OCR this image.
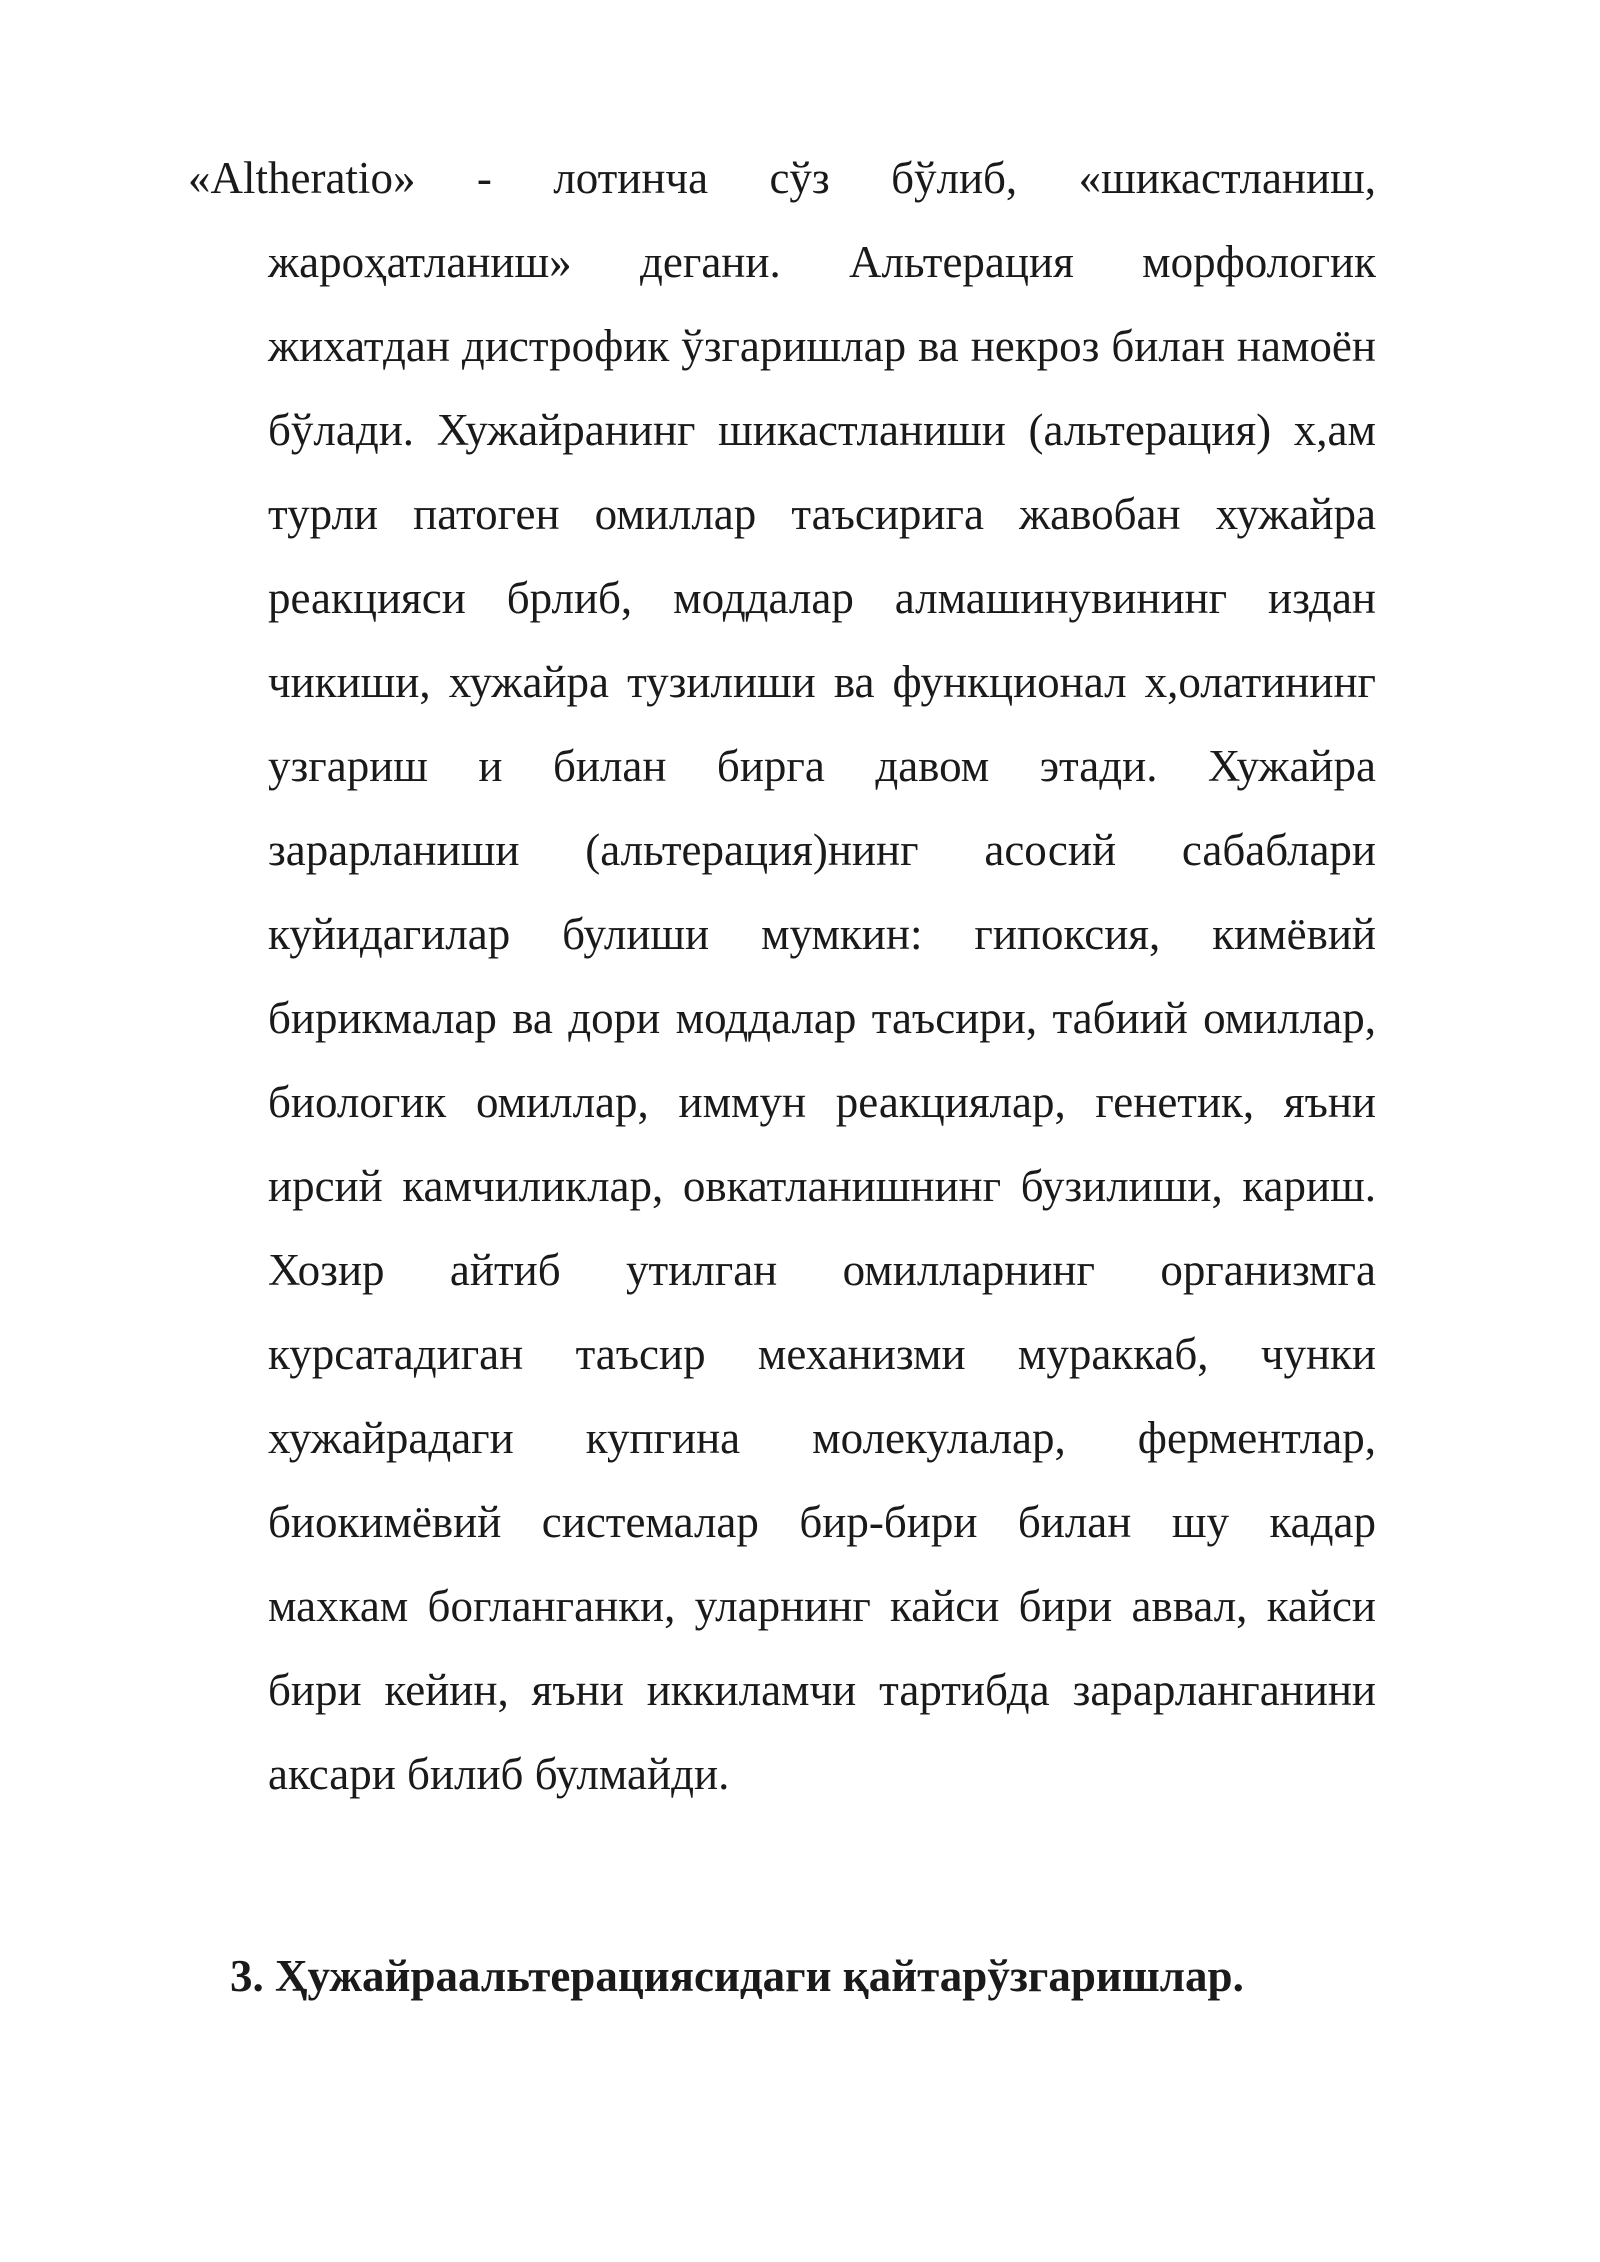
«Altheratio» - лотинча сўз бўлиб, «шикастланиш, жароҳатланиш» дегани. Альтерация морфологик жихатдан дистрофик ўзгаришлар ва некроз билан намоён бўлади. Хужайранинг шикастланиши (альтерация) х,ам турли патоген омиллар таъсирига жавобан хужайра реакцияси брлиб, моддалар алмашинувининг издан чикиши, хужайра тузилиши ва функционал х,олатининг узгариш и билан бирга давом этади. Хужайра зарарланиши (альтерация)нинг асосий сабаблари куйидагилар булиши мумкин: гипоксия, кимёвий бирикмалар ва дори моддалар таъсири, табиий омиллар, биологик омиллар, иммун реакциялар, генетик, яъни ирсий камчиликлар, овкатланишнинг бузилиши, кариш. Хозир айтиб утилган омилларнинг организмга курсатадиган таъсир механизми мураккаб, чунки хужайрадаги купгина молекулалар, ферментлар, биокимёвий системалар бир-бири билан шу кадар махкам богланганки, уларнинг кайси бири аввал, кайси бири кейин, яъни иккиламчи тартибда зарарланганини аксари билиб булмайди.

3. Ҳужайраальтерациясидаги қайтарўзгаришлар.
